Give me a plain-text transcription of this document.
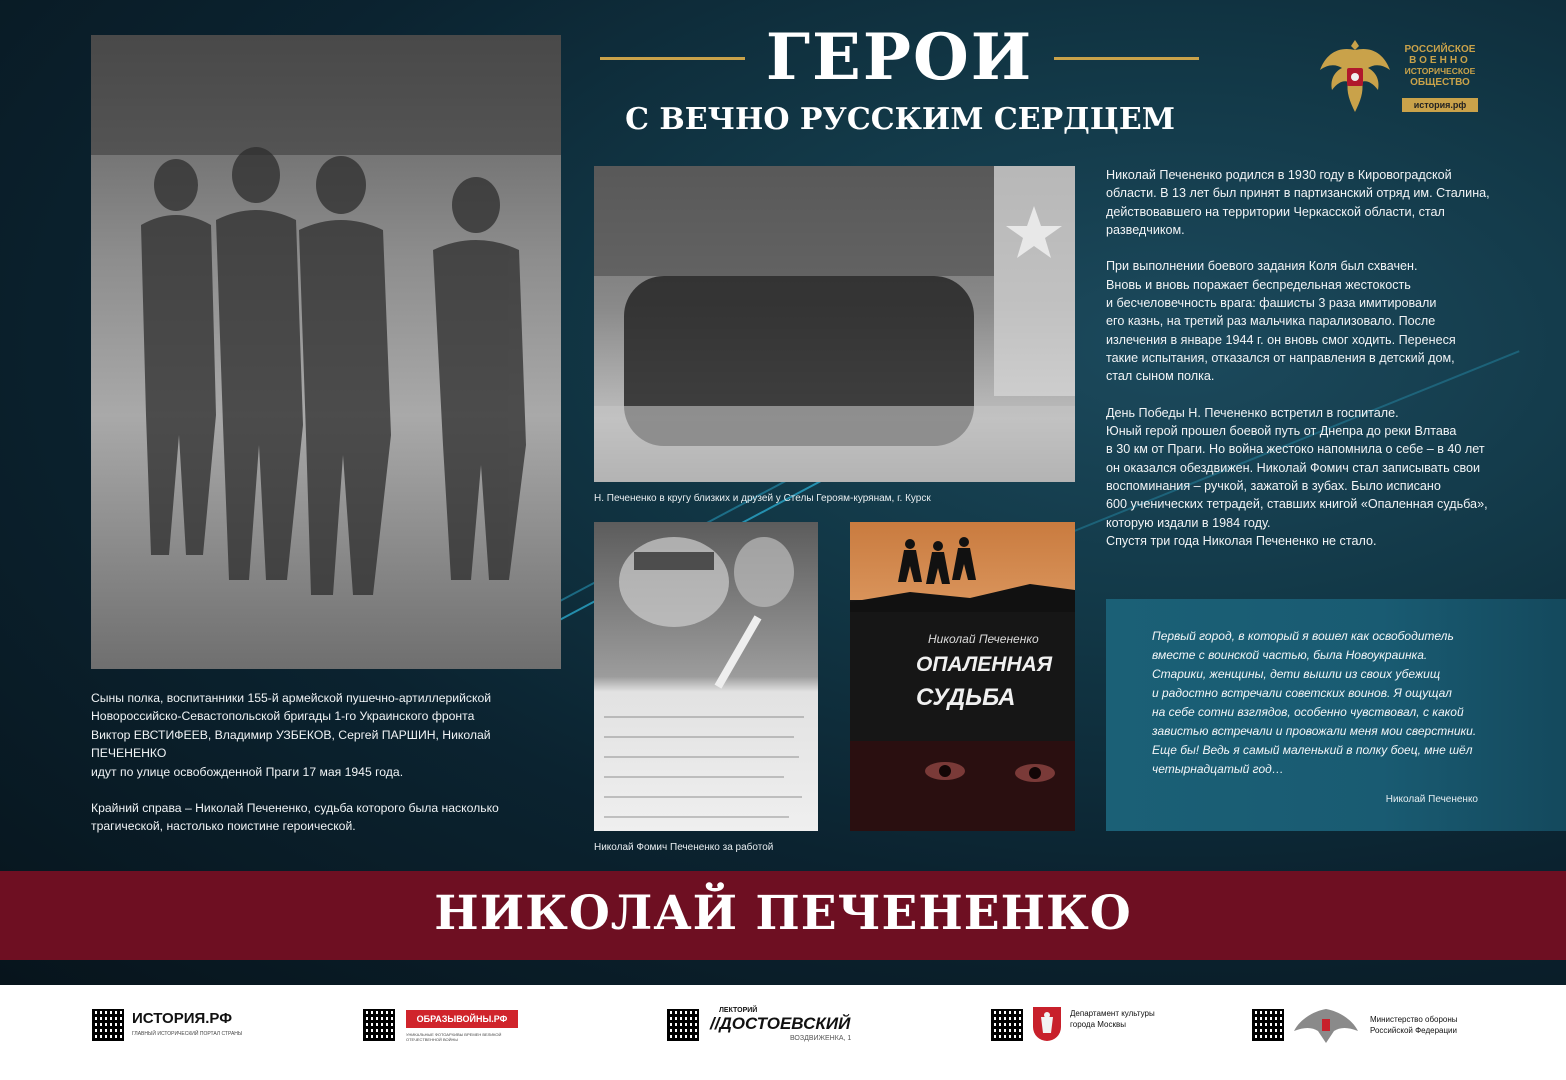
ГЕРОИ
С ВЕЧНО РУССКИМ СЕРДЦЕМ
РОССИЙСКОЕ
ВОЕННО
ИСТОРИЧЕСКОЕ
ОБЩЕСТВО
история.рф
Сыны полка, воспитанники 155-й армейской пушечно-артиллерийской
Новороссийско-Севастопольской бригады 1-го Украинского фронта
Виктор ЕВСТИФЕЕВ, Владимир УЗБЕКОВ, Сергей ПАРШИН, Николай ПЕЧЕНЕНКО
идут по улице освобожденной Праги 17 мая 1945 года.
Крайний справа – Николай Печененко, судьба которого была насколько
трагической, настолько поистине героической.
Н. Печененко в кругу близких и друзей у Стелы Героям-курянам, г. Курск
Николай Фомич Печененко за работой
Николай Печененко
ОПАЛЕННАЯ
СУДЬБА

Николай Печененко родился в 1930 году в Кировоградской
области. В 13 лет был принят в партизанский отряд им. Сталина,
действовавшего на территории Черкасской области, стал
разведчиком.

При выполнении боевого задания Коля был схвачен.
Вновь и вновь поражает беспредельная жестокость
и бесчеловечность врага: фашисты 3 раза имитировали
его казнь, на третий раз мальчика парализовало. После
излечения в январе 1944 г. он вновь смог ходить. Перенеся
такие испытания, отказался от направления в детский дом,
стал сыном полка.

День Победы Н. Печененко встретил в госпитале.
Юный герой прошел боевой путь от Днепра до реки Влтава
в 30 км от Праги. Но война жестоко напомнила о себе – в 40 лет
он оказался обездвижен. Николай Фомич стал записывать свои
воспоминания – ручкой, зажатой в зубах. Было исписано
600 ученических тетрадей, ставших книгой «Опаленная судьба»,
которую издали в 1984 году.
Спустя три года Николая Печененко не стало.

Первый город, в который я вошел как освободитель
вместе с воинской частью, была Новоукраинка.
Старики, женщины, дети вышли из своих убежищ
и радостно встречали советских воинов. Я ощущал
на себе сотни взглядов, особенно чувствовал, с какой
завистью встречали и провожали меня мои сверстники.
Еще бы! Ведь я самый маленький в полку боец, мне шёл
четырнадцатый год…
Николай Печененко
НИКОЛАЙ ПЕЧЕНЕНКО
ИСТОРИЯ.РФ
ГЛАВНЫЙ ИСТОРИЧЕСКИЙ ПОРТАЛ СТРАНЫ
ОБРАЗЫВОЙНЫ.РФ
УНИКАЛЬНЫЕ ФОТОАРХИВЫ ВРЕМЕН ВЕЛИКОЙ ОТЕЧЕСТВЕННОЙ ВОЙНЫ
ЛЕКТОРИЙ
//ДОСТОЕВСКИЙ
ВОЗДВИЖЕНКА, 1
Департамент культуры
города Москвы
Министерство обороны
Российской Федерации
